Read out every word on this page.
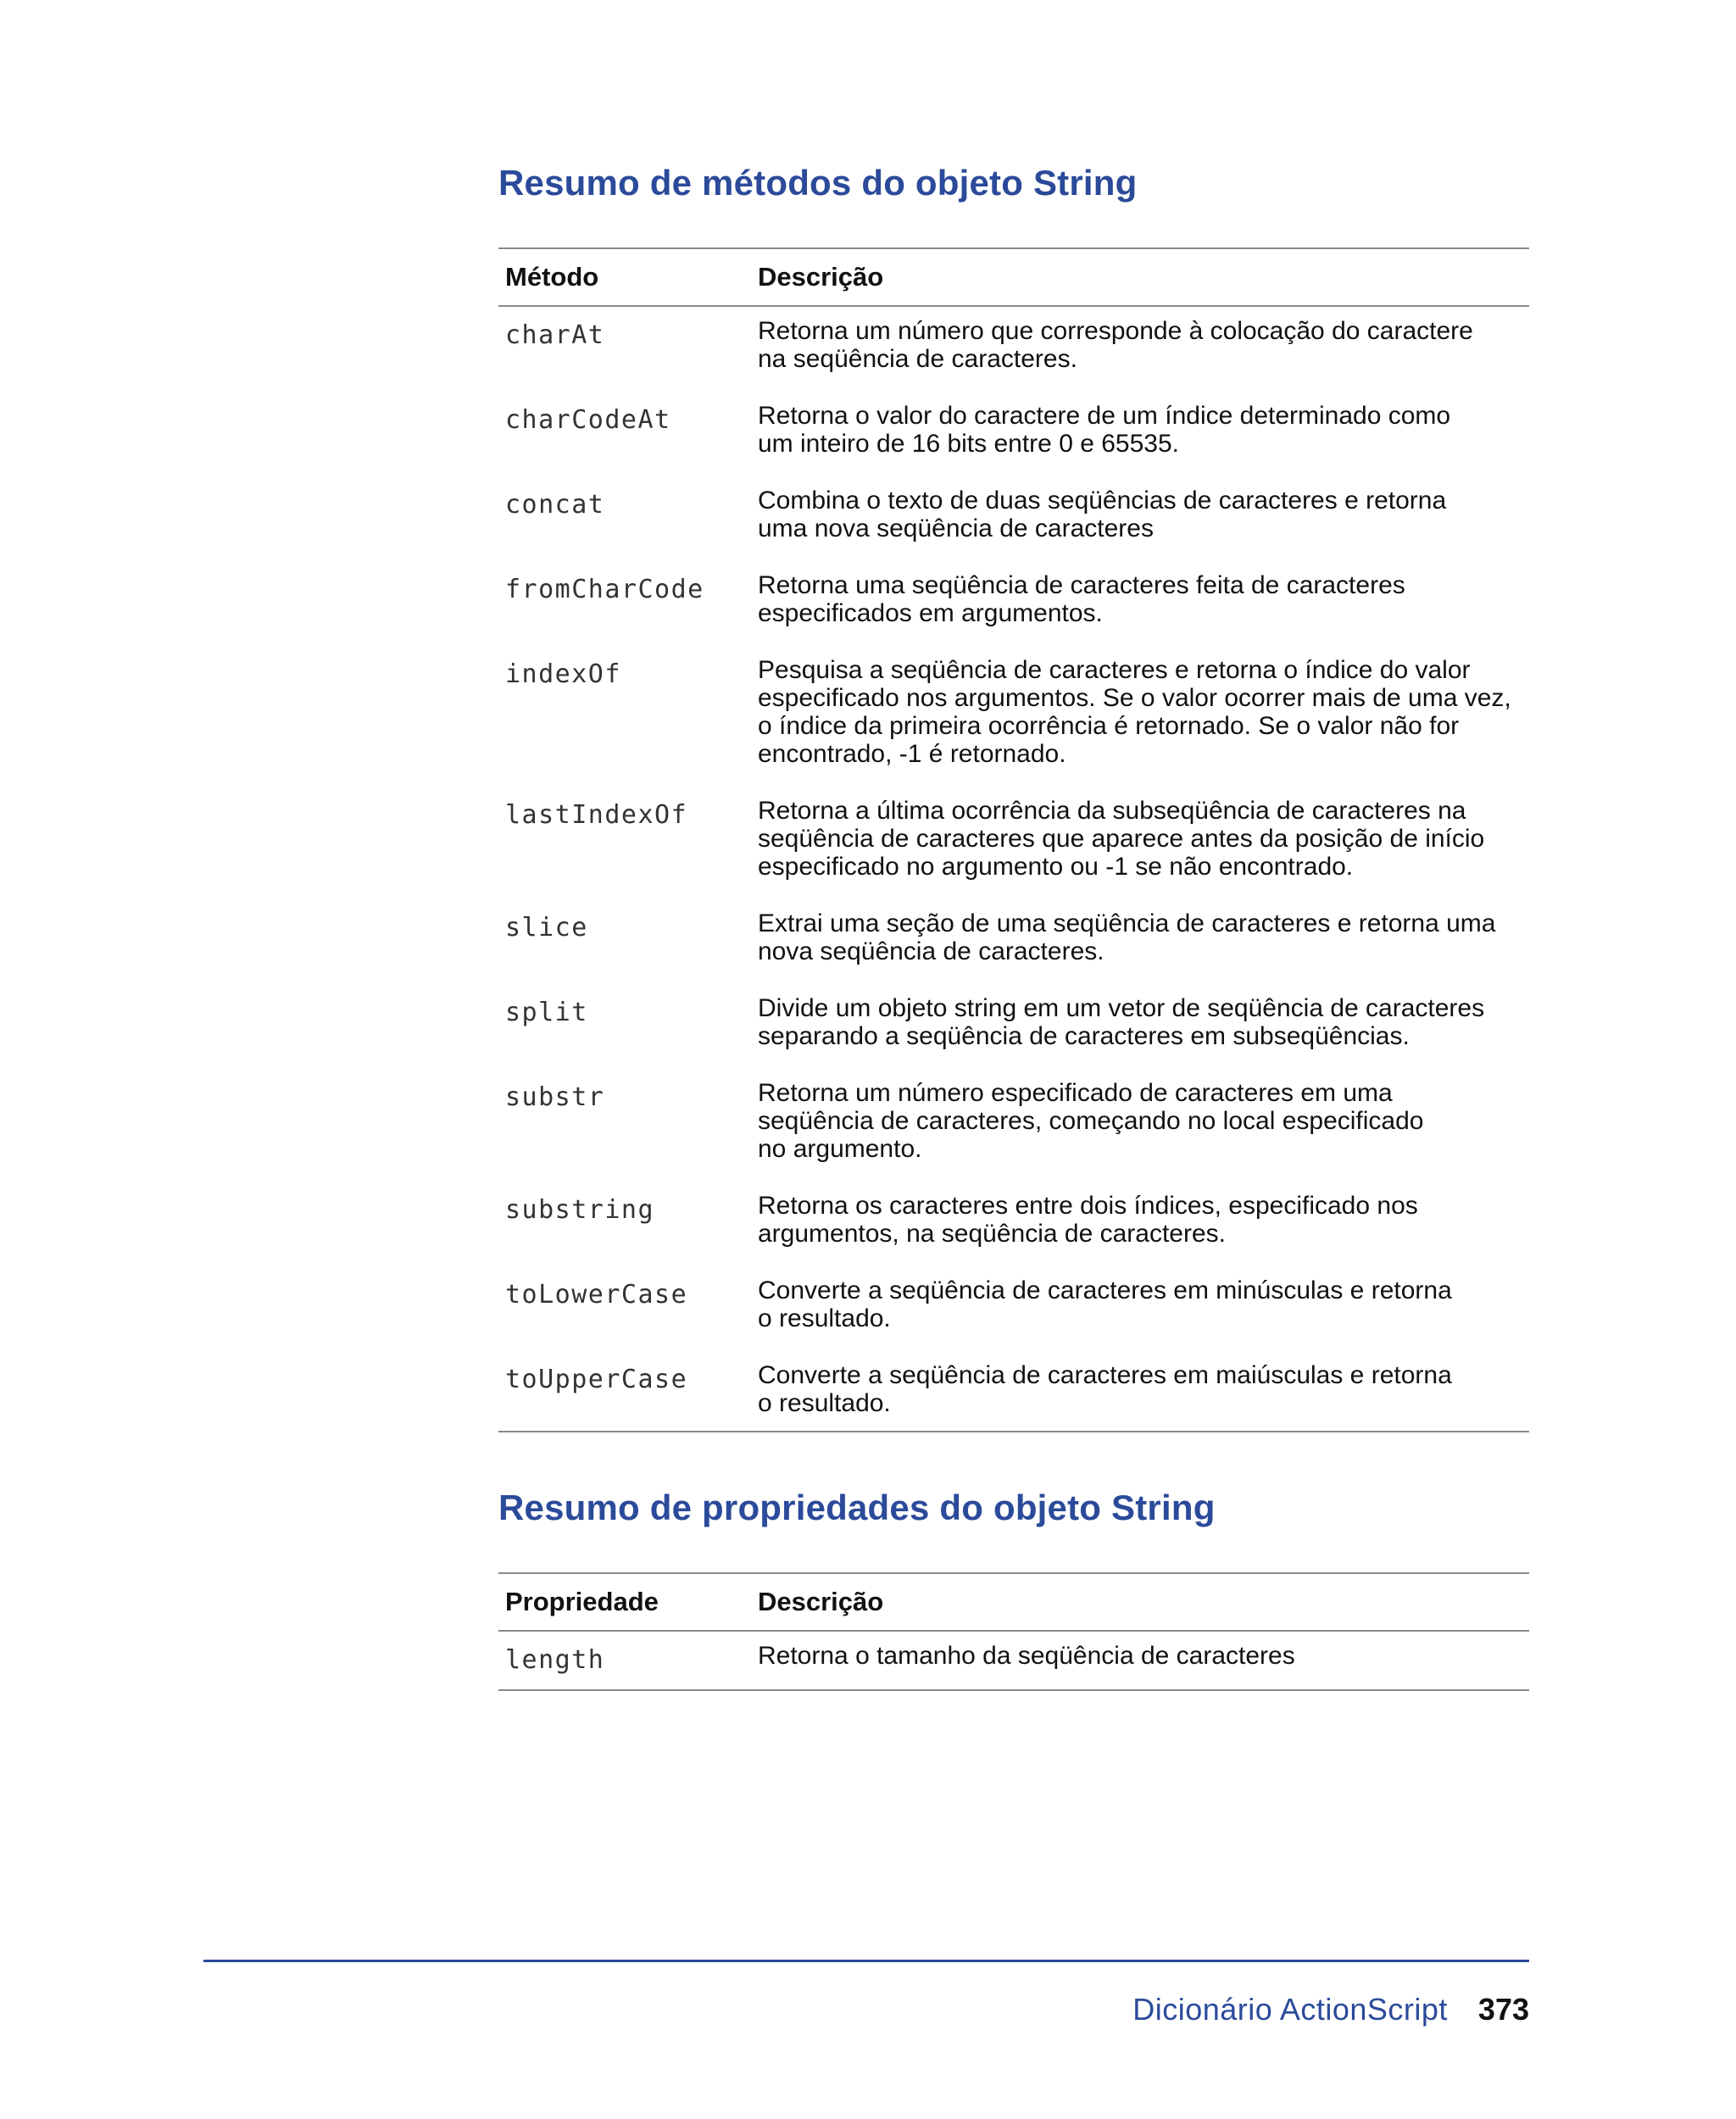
Resumo de métodos do objeto String
Método	Descrição
charAt	Retorna um número que corresponde à colocação do caractere
na seqüência de caracteres.
charCodeAt	Retorna o valor do caractere de um índice determinado como
um inteiro de 16 bits entre 0 e 65535.
concat	Combina o texto de duas seqüências de caracteres e retorna
uma nova seqüência de caracteres
fromCharCode	Retorna uma seqüência de caracteres feita de caracteres
especificados em argumentos.
indexOf	Pesquisa a seqüência de caracteres e retorna o índice do valor
especificado nos argumentos. Se o valor ocorrer mais de uma vez,
o índice da primeira ocorrência é retornado. Se o valor não for
encontrado, -1 é retornado.
lastIndexOf	Retorna a última ocorrência da subseqüência de caracteres na
seqüência de caracteres que aparece antes da posição de início
especificado no argumento ou -1 se não encontrado.
slice	Extrai uma seção de uma seqüência de caracteres e retorna uma
nova seqüência de caracteres.
split	Divide um objeto string em um vetor de seqüência de caracteres
separando a seqüência de caracteres em subseqüências.
substr	Retorna um número especificado de caracteres em uma
seqüência de caracteres, começando no local especificado
no argumento.
substring	Retorna os caracteres entre dois índices, especificado nos
argumentos, na seqüência de caracteres.
toLowerCase	Converte a seqüência de caracteres em minúsculas e retorna
o resultado.
toUpperCase	Converte a seqüência de caracteres em maiúsculas e retorna
o resultado.
Resumo de propriedades do objeto String
Propriedade	Descrição
length	Retorna o tamanho da seqüência de caracteres
Dicionário ActionScript 373
